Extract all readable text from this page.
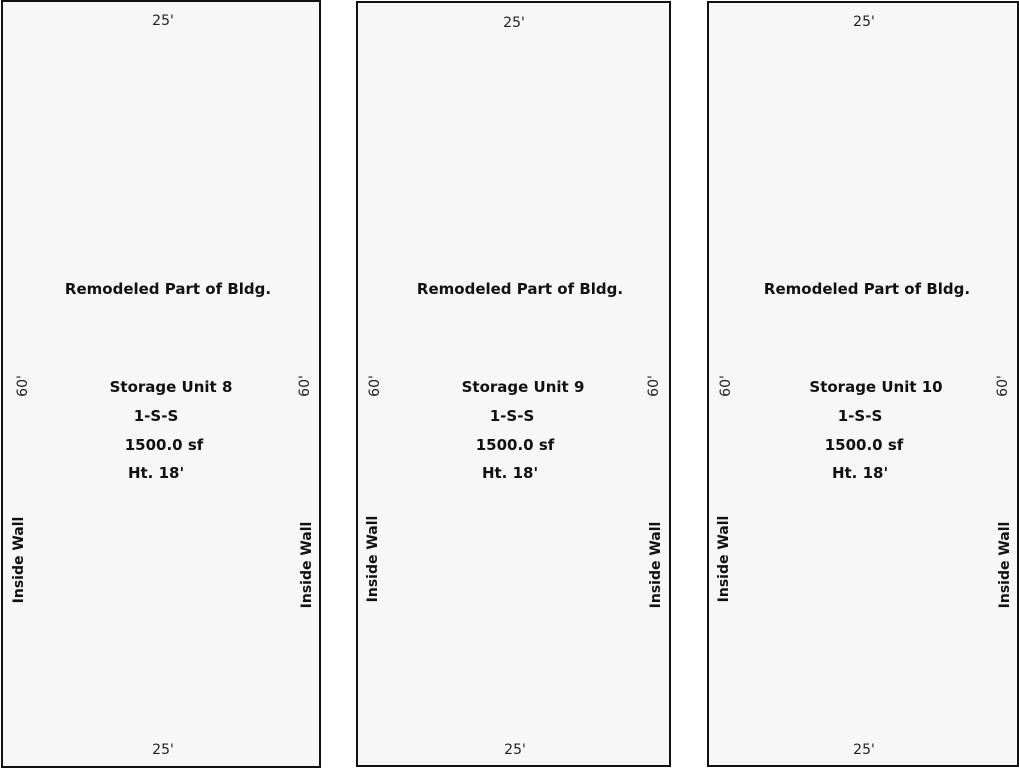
25'
Remodeled Part of Bldg.
60'	60'
Storage Unit 8
1-S-S
1500.0 sf
Ht. 18'
Inside Wall	Inside Wall
25'
25'
Remodeled Part of Bldg.
60'	60'
Storage Unit 9
1-S-S
1500.0 sf
Ht. 18'
Inside Wall	Inside Wall
25'
25'
Remodeled Part of Bldg.
60'	60'
Storage Unit 10
1-S-S
1500.0 sf
Ht. 18'
Inside Wall	Inside Wall
25'
